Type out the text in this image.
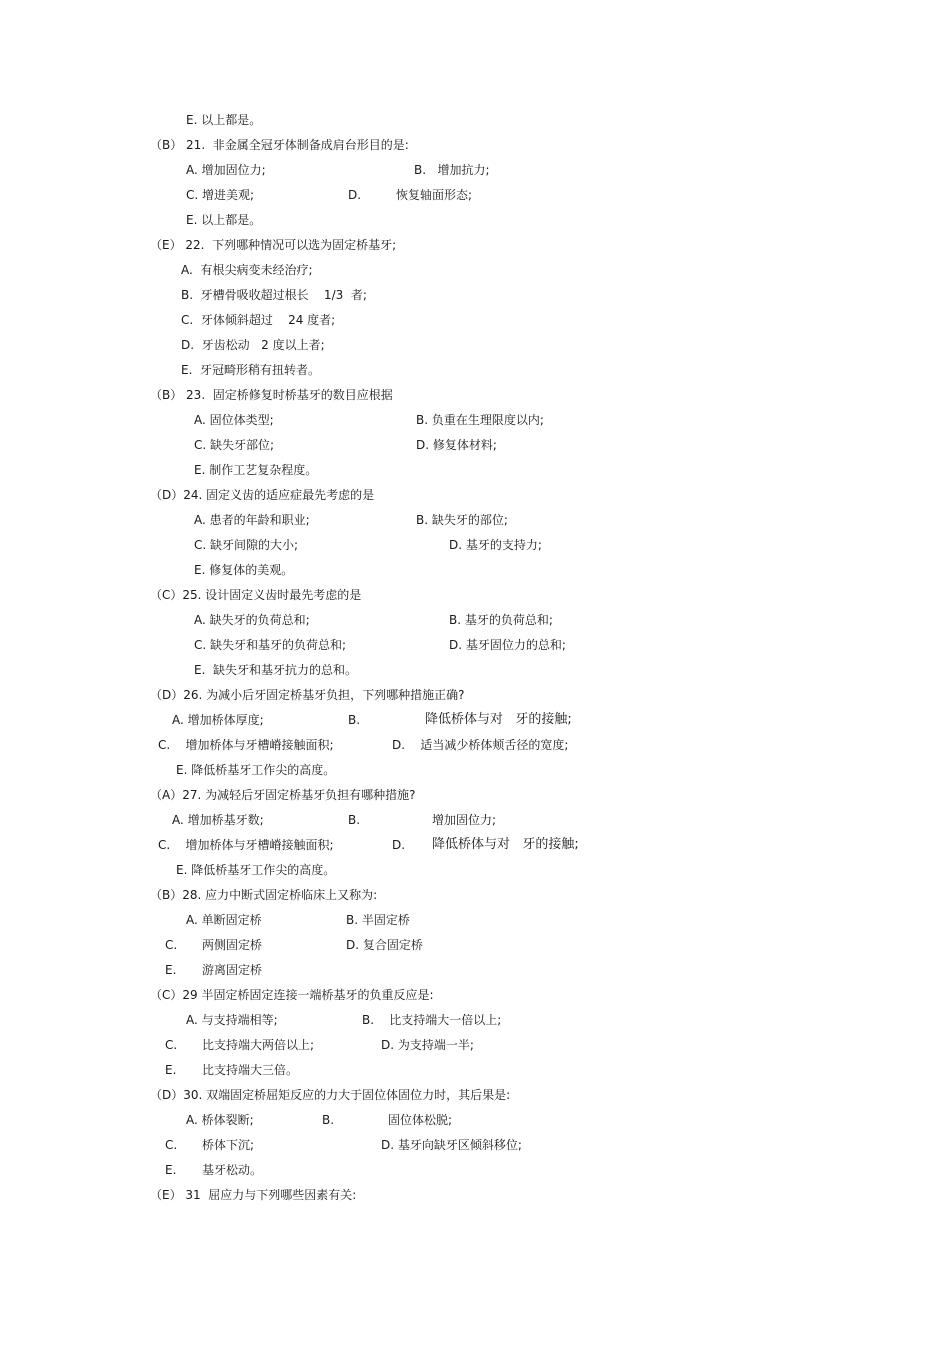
E. 以上都是。
（B） 21.  非金属全冠牙体制备成肩台形目的是:
A. 增加固位力;	B.   增加抗力;
C. 增进美观;	D.	恢复轴面形态;
E. 以上都是。
（E） 22.  下列哪种情况可以选为固定桥基牙;
A.  有根尖病变未经治疗;
B.  牙槽骨吸收超过根长    1/3  者;
C.  牙体倾斜超过    24 度者;
D.  牙齿松动   2 度以上者;
E.  牙冠畸形稍有扭转者。
（B） 23.  固定桥修复时桥基牙的数目应根据
A. 固位体类型;	B. 负重在生理限度以内;
C. 缺失牙部位;	D. 修复体材料;
E. 制作工艺复杂程度。
（D）24. 固定义齿的适应症最先考虑的是
A. 患者的年龄和职业;	B. 缺失牙的部位;
C. 缺牙间隙的大小;	D. 基牙的支持力;
E. 修复体的美观。
（C）25. 设计固定义齿时最先考虑的是
A. 缺失牙的负荷总和;	B. 基牙的负荷总和;
C. 缺失牙和基牙的负荷总和;	D. 基牙固位力的总和;
E.  缺失牙和基牙抗力的总和。
（D）26. 为减小后牙固定桥基牙负担，下列哪种措施正确?
A. 增加桥体厚度;	B.	降低桥体与对   牙的接触;
C.    增加桥体与牙槽嵴接触面积;	D.    适当减少桥体颊舌径的宽度;
E. 降低桥基牙工作尖的高度。
（A）27. 为减轻后牙固定桥基牙负担有哪种措施?
A. 增加桥基牙数;	B.	增加固位力;
C.    增加桥体与牙槽嵴接触面积;	D. 降低桥体与对   牙的接触;
E. 降低桥基牙工作尖的高度。
（B）28. 应力中断式固定桥临床上又称为:
A. 单断固定桥	B. 半固定桥
C. 两侧固定桥	D. 复合固定桥
E. 游离固定桥
（C）29 半固定桥固定连接一端桥基牙的负重反应是:
A. 与支持端相等;	B.    比支持端大一倍以上;
C. 比支持端大两倍以上;	D. 为支持端一半;
E. 比支持端大三倍。
（D）30. 双端固定桥屈矩反应的力大于固位体固位力时，其后果是:
A. 桥体裂断;	B.	固位体松脱;
C. 桥体下沉;	D. 基牙向缺牙区倾斜移位;
E. 基牙松动。
（E） 31  屈应力与下列哪些因素有关:
